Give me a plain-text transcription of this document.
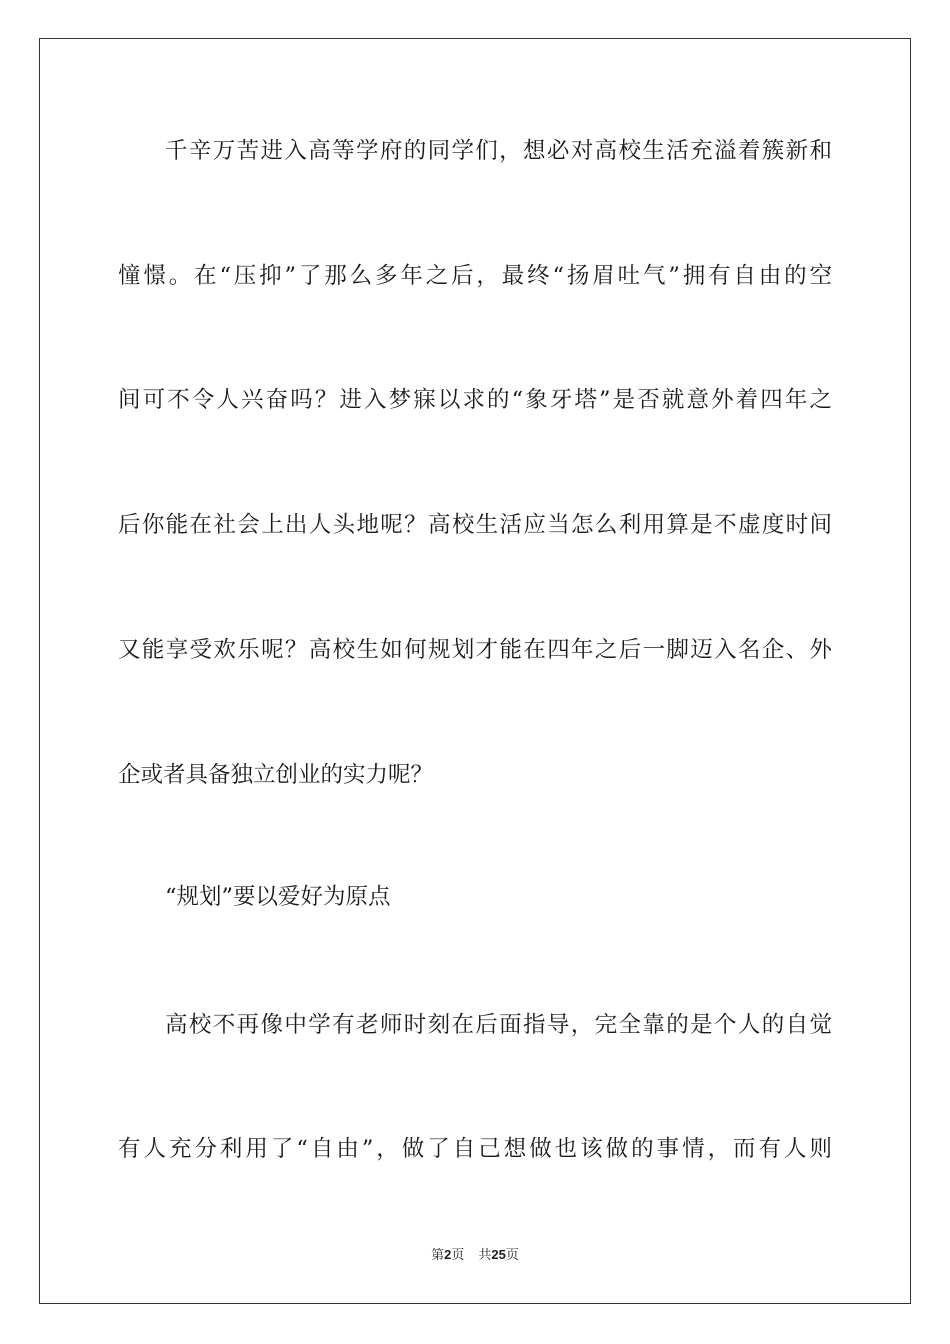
千辛万苦进入高等学府的同学们，想必对高校生活充溢着簇新和
憧憬。在“压抑”了那么多年之后，最终“扬眉吐气”拥有自由的空
间可不令人兴奋吗？进入梦寐以求的“象牙塔”是否就意外着四年之
后你能在社会上出人头地呢？高校生活应当怎么利用算是不虚度时间
又能享受欢乐呢？高校生如何规划才能在四年之后一脚迈入名企、外
企或者具备独立创业的实力呢？
“规划”要以爱好为原点
高校不再像中学有老师时刻在后面指导，完全靠的是个人的自觉
有人充分利用了“自由”，做了自己想做也该做的事情，而有人则
第2页 共25页
